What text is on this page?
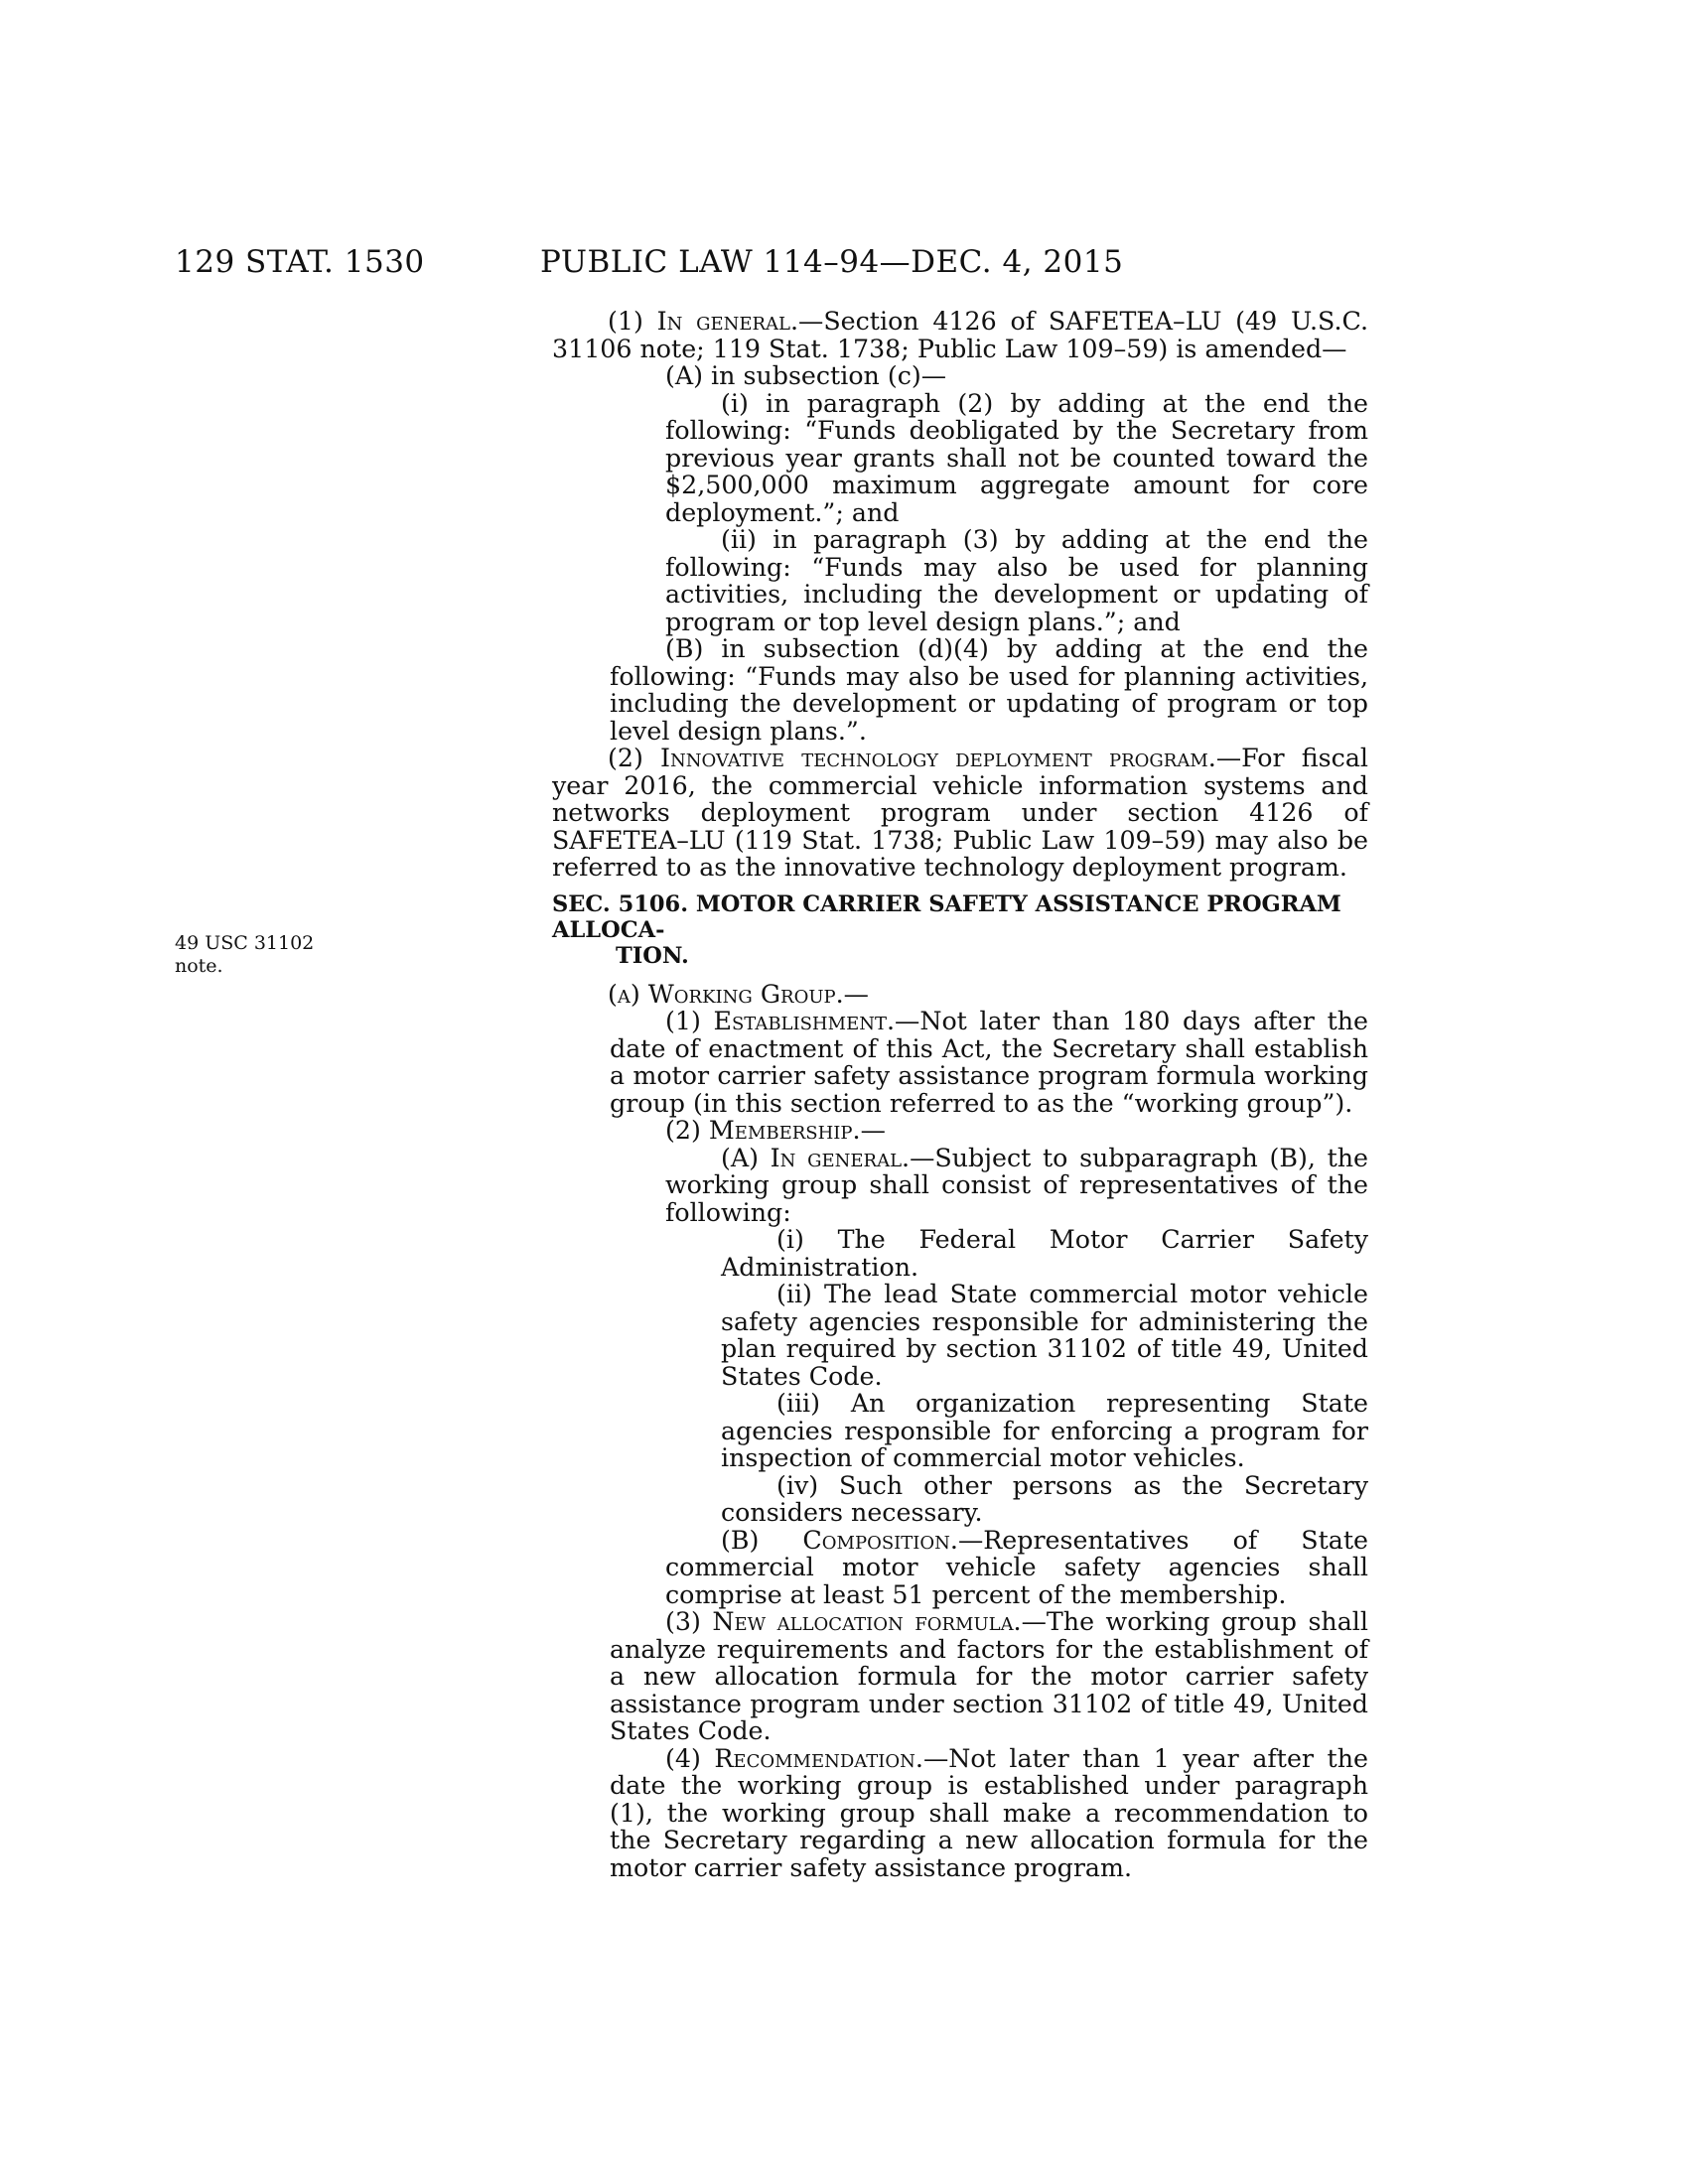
129 STAT. 1530	PUBLIC LAW 114–94—DEC. 4, 2015
49 USC 31102 note.

(1) In general.—Section 4126 of SAFETEA–LU (49 U.S.C. 31106 note; 119 Stat. 1738; Public Law 109–59) is amended—

(A) in subsection (c)—

(i) in paragraph (2) by adding at the end the following: “Funds deobligated by the Secretary from previous year grants shall not be counted toward the $2,500,000 maximum aggregate amount for core deployment.”; and

(ii) in paragraph (3) by adding at the end the following: “Funds may also be used for planning activities, including the development or updating of program or top level design plans.”; and

(B) in subsection (d)(4) by adding at the end the following: “Funds may also be used for planning activities, including the development or updating of program or top level design plans.”.

(2) Innovative technology deployment program.—For fiscal year 2016, the commercial vehicle information systems and networks deployment program under section 4126 of SAFETEA–LU (119 Stat. 1738; Public Law 109–59) may also be referred to as the innovative technology deployment program.

SEC. 5106. MOTOR CARRIER SAFETY ASSISTANCE PROGRAM ALLOCA-
TION.

(a) Working Group.—

(1) Establishment.—Not later than 180 days after the date of enactment of this Act, the Secretary shall establish a motor carrier safety assistance program formula working group (in this section referred to as the “working group”).

(2) Membership.—

(A) In general.—Subject to subparagraph (B), the working group shall consist of representatives of the following:

(i) The Federal Motor Carrier Safety Administration.

(ii) The lead State commercial motor vehicle safety agencies responsible for administering the plan required by section 31102 of title 49, United States Code.

(iii) An organization representing State agencies responsible for enforcing a program for inspection of commercial motor vehicles.

(iv) Such other persons as the Secretary considers necessary.

(B) Composition.—Representatives of State commercial motor vehicle safety agencies shall comprise at least 51 percent of the membership.

(3) New allocation formula.—The working group shall analyze requirements and factors for the establishment of a new allocation formula for the motor carrier safety assistance program under section 31102 of title 49, United States Code.

(4) Recommendation.—Not later than 1 year after the date the working group is established under paragraph (1), the working group shall make a recommendation to the Secretary regarding a new allocation formula for the motor carrier safety assistance program.
